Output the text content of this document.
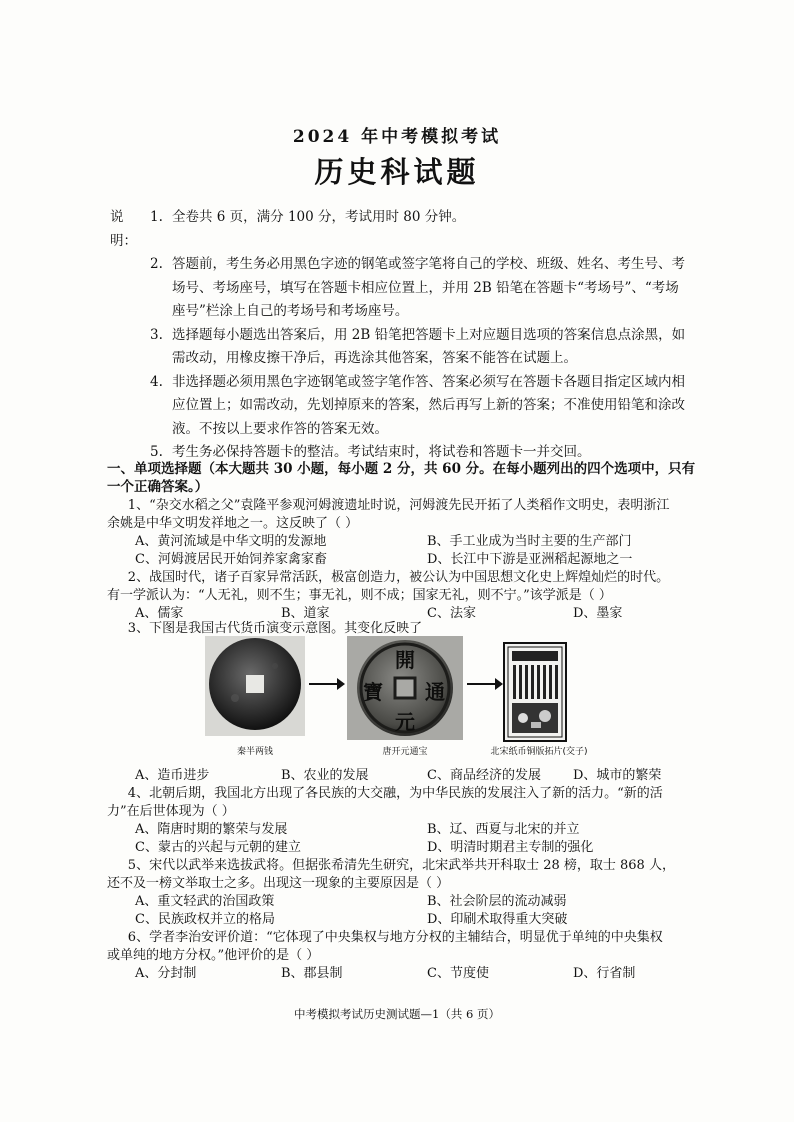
2024 年中考模拟考试
历史科试题
说明：
1. 全卷共 6 页，满分 100 分，考试用时 80 分钟。
2. 答题前，考生务必用黑色字迹的钢笔或签字笔将自己的学校、班级、姓名、考生号、考
场号、考场座号，填写在答题卡相应位置上，并用 2B 铅笔在答题卡“考场号”、“考场
座号”栏涂上自己的考场号和考场座号。
3. 选择题每小题选出答案后，用 2B 铅笔把答题卡上对应题目选项的答案信息点涂黑，如
需改动，用橡皮擦干净后，再选涂其他答案，答案不能答在试题上。
4. 非选择题必须用黑色字迹钢笔或签字笔作答、答案必须写在答题卡各题目指定区域内相
应位置上；如需改动，先划掉原来的答案，然后再写上新的答案；不准使用铅笔和涂改
液。不按以上要求作答的答案无效。
5. 考生务必保持答题卡的整洁。考试结束时，将试卷和答题卡一并交回。
一、单项选择题（本大题共 30 小题，每小题 2 分，共 60 分。在每小题列出的四个选项中，只有
一个正确答案。）

1、“杂交水稻之父”袁隆平参观河姆渡遗址时说，河姆渡先民开拓了人类稻作文明史，表明浙江

余姚是中华文明发祥地之一。这反映了（ ）
A、黄河流域是中华文明的发源地	B、手工业成为当时主要的生产部门
C、河姆渡居民开始饲养家禽家畜	D、长江中下游是亚洲稻起源地之一

2、战国时代，诸子百家异常活跃，极富创造力，被公认为中国思想文化史上辉煌灿烂的时代。

有一学派认为：“人无礼，则不生；事无礼，则不成；国家无礼，则不宁。”该学派是（ ）
A、儒家	B、道家	C、法家	D、墨家

3、下图是我国古代货币演变示意图。其变化反映了

秦半两钱
開
通
元
寶
唐开元通宝	北宋纸币铜版拓片(交子)
A、造币进步	B、农业的发展	C、商品经济的发展	D、城市的繁荣

4、北朝后期，我国北方出现了各民族的大交融，为中华民族的发展注入了新的活力。“新的活

力”在后世体现为（ ）
A、隋唐时期的繁荣与发展	B、辽、西夏与北宋的并立
C、蒙古的兴起与元朝的建立	D、明清时期君主专制的强化

5、宋代以武举来选拔武将。但据张希清先生研究，北宋武举共开科取士 28 榜，取士 868 人，

还不及一榜文举取士之多。出现这一现象的主要原因是（ ）
A、重文轻武的治国政策	B、社会阶层的流动减弱
C、民族政权并立的格局	D、印刷术取得重大突破

6、学者李治安评价道：“它体现了中央集权与地方分权的主辅结合，明显优于单纯的中央集权

或单纯的地方分权。”他评价的是（ ）
A、分封制	B、郡县制	C、节度使	D、行省制
中考模拟考试历史测试题—1（共 6 页）
